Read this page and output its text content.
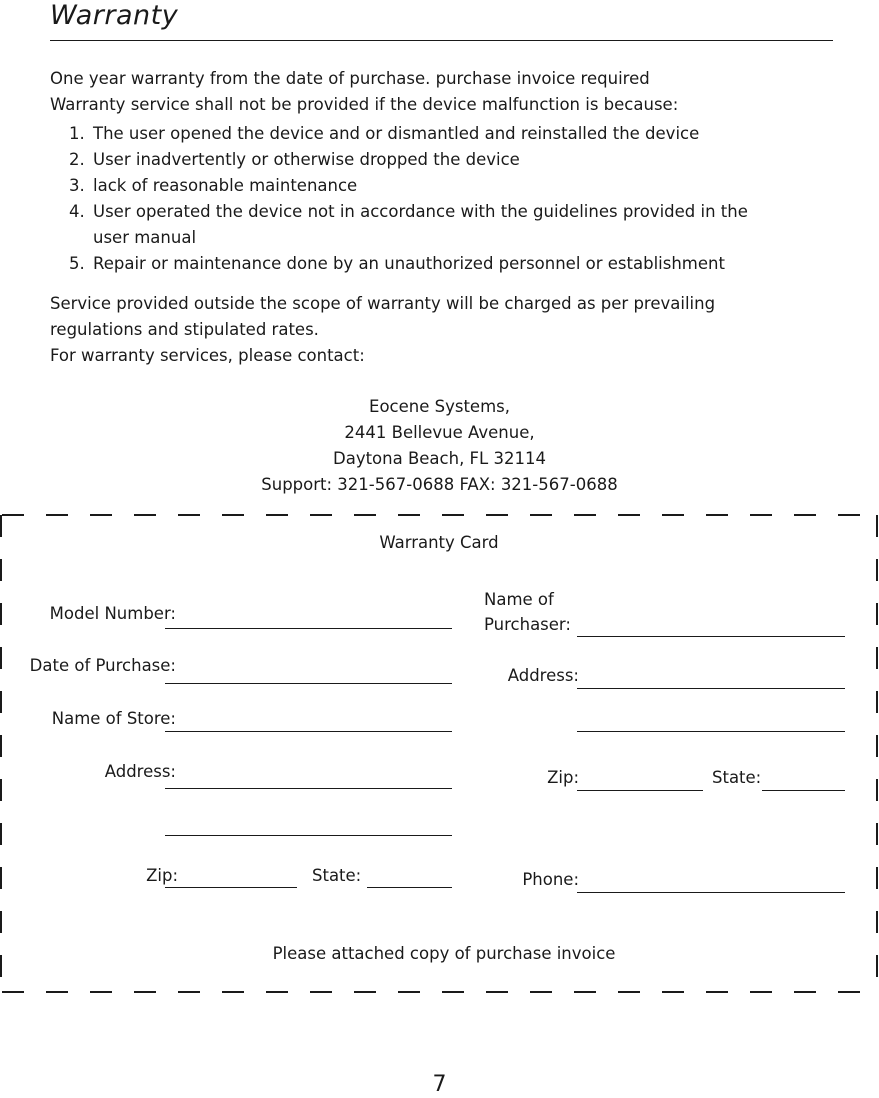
Warranty
One year warranty from the date of purchase. purchase invoice required
Warranty service shall not be provided if the device malfunction is because:
1. The user opened the device and or dismantled and reinstalled the device
2. User inadvertently or otherwise dropped the device
3. lack of reasonable maintenance
4. User operated the device not in accordance with the guidelines provided in the
user manual
5. Repair or maintenance done by an unauthorized personnel or establishment
Service provided outside the scope of warranty will be charged as per prevailing
regulations and stipulated rates.
For warranty services, please contact:
Eocene Systems,
2441 Bellevue Avenue,
Daytona Beach, FL 32114
Support: 321-567-0688 FAX: 321-567-0688
Warranty Card
Model Number:
Date of Purchase:
Name of Store:
Address:
Zip:	State:
Name of
Purchaser:
Address:
Zip:	State:
Phone:
Please attached copy of purchase invoice
7
